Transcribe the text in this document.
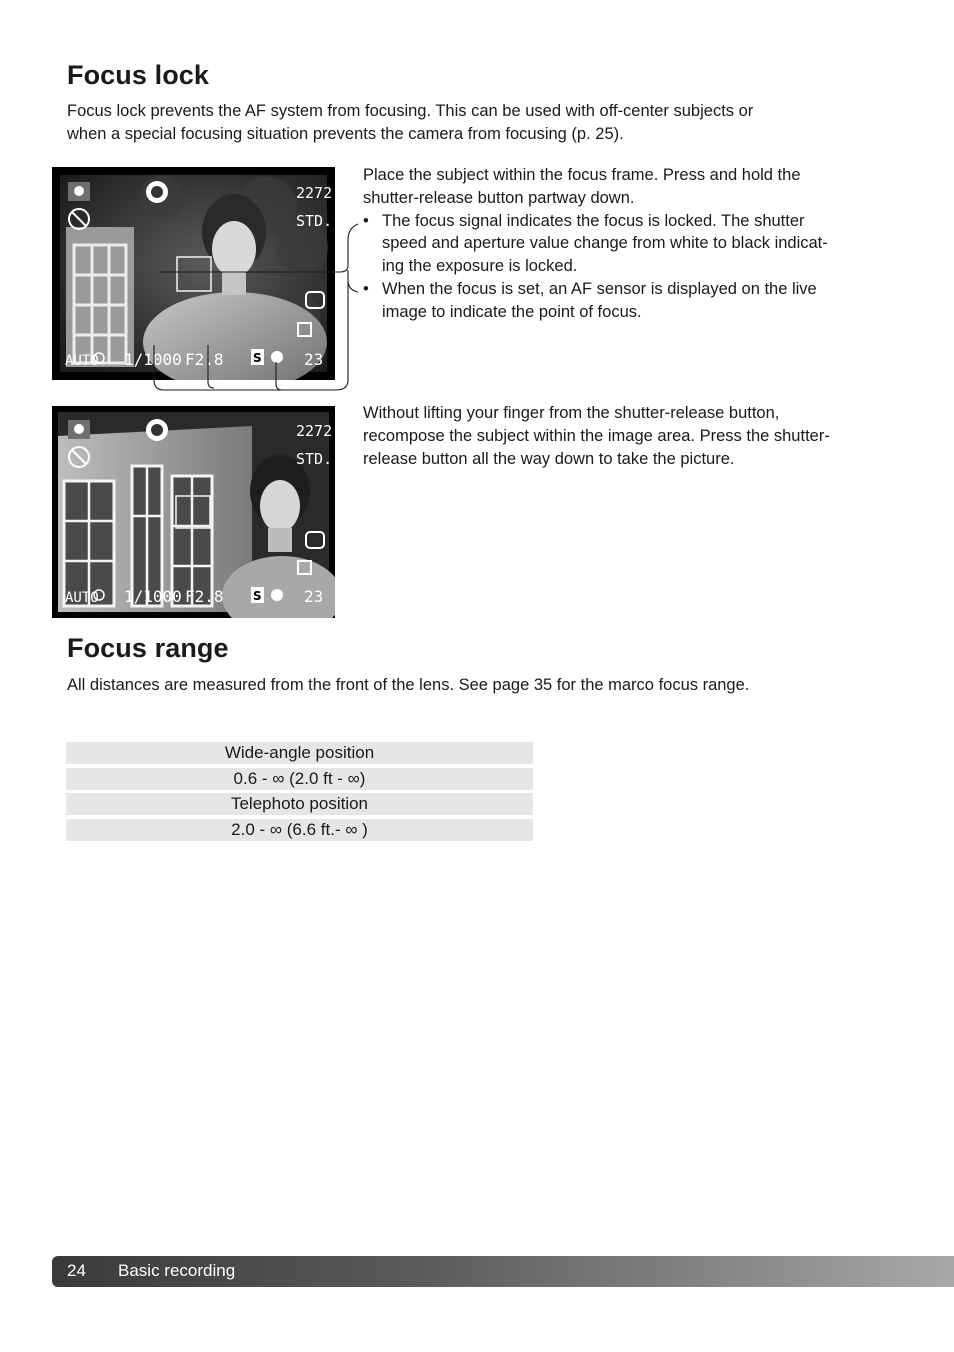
Focus lock
Focus lock prevents the AF system from focusing. This can be used with off-center subjects or
when a special focusing situation prevents the camera from focusing (p. 25).
2272
STD.
AUTO 1/1000 F2.8 S	23
Place the subject within the focus frame. Press and hold the
shutter-release button partway down.
• The focus signal indicates the focus is locked. The shutter
speed and aperture value change from white to black indicat-
ing the exposure is locked.
• When the focus is set, an AF sensor is displayed on the live
image to indicate the point of focus.
2272
STD.
AUTO 1/1000 F2.8 S	23
Without lifting your finger from the shutter-release button,
recompose the subject within the image area. Press the shutter-
release button all the way down to take the picture.
Focus range
All distances are measured from the front of the lens. See page 35 for the marco focus range.
Wide-angle position
0.6 - ∞ (2.0 ft - ∞)
Telephoto position
2.0 - ∞ (6.6 ft.- ∞ )
24 Basic recording
